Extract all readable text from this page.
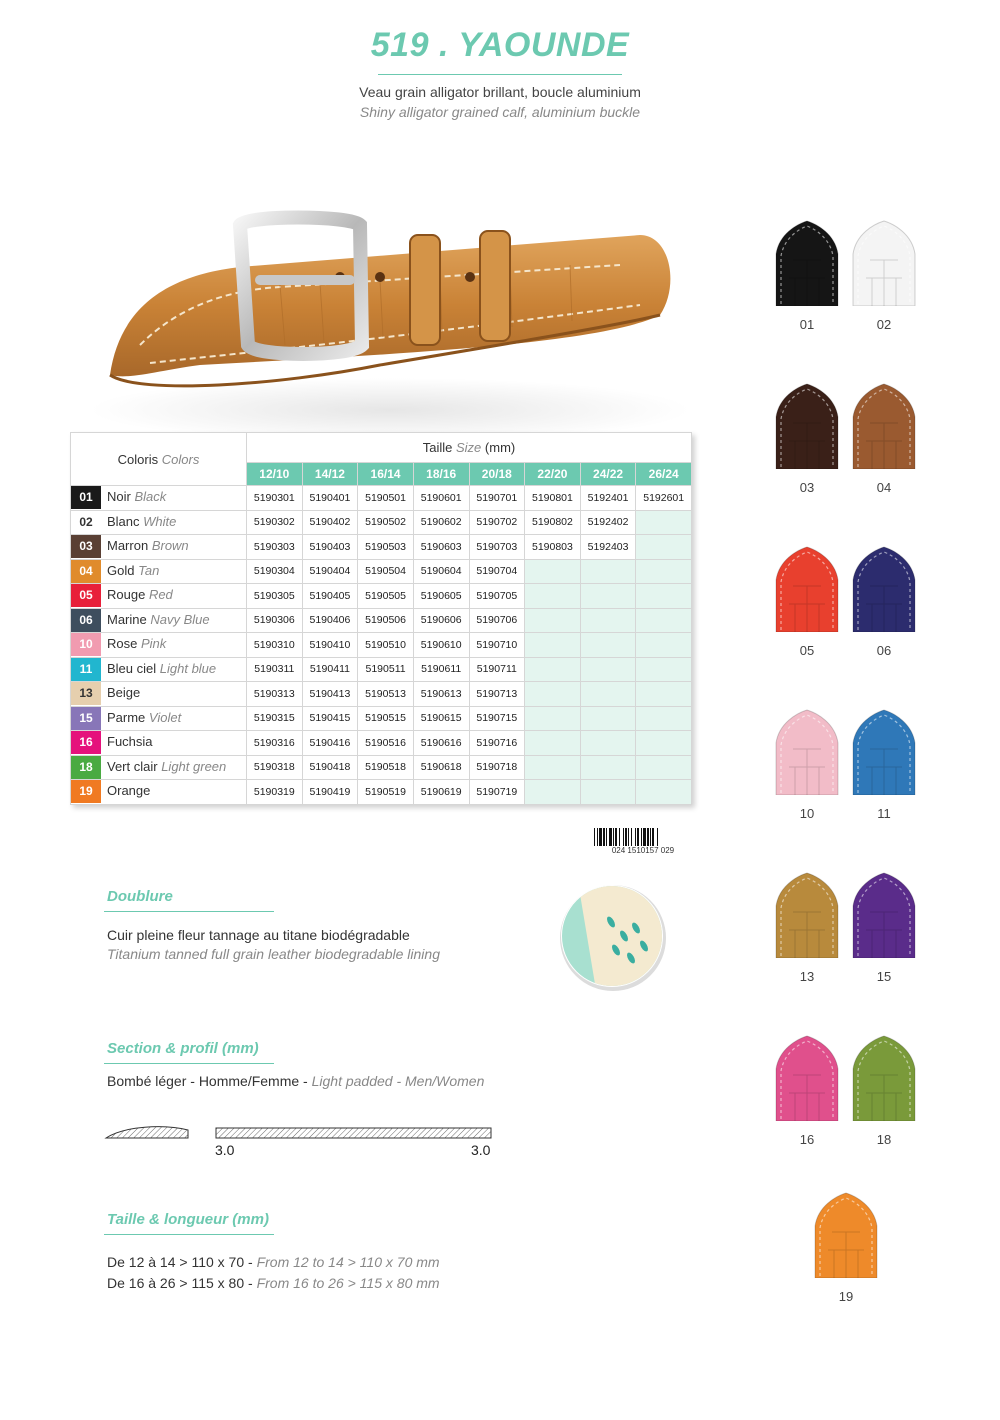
519 . YAOUNDE
Veau grain alligator brillant, boucle aluminium
Shiny alligator grained calf, aluminium buckle
Coloris Colors	Taille Size (mm)							
	12/10	14/12	16/14	18/16	20/18	22/20	24/22	26/24
01 Noir Black	5190301	5190401	5190501	5190601	5190701	5190801	5192401	5192601
02 Blanc White	5190302	5190402	5190502	5190602	5190702	5190802	5192402	
03 Marron Brown	5190303	5190403	5190503	5190603	5190703	5190803	5192403	
04 Gold Tan	5190304	5190404	5190504	5190604	5190704			
05 Rouge Red	5190305	5190405	5190505	5190605	5190705			
06 Marine Navy Blue	5190306	5190406	5190506	5190606	5190706			
10 Rose Pink	5190310	5190410	5190510	5190610	5190710			
11 Bleu ciel Light blue	5190311	5190411	5190511	5190611	5190711			
13 Beige	5190313	5190413	5190513	5190613	5190713			
15 Parme Violet	5190315	5190415	5190515	5190615	5190715			
16 Fuchsia	5190316	5190416	5190516	5190616	5190716			
18 Vert clair Light green	5190318	5190418	5190518	5190618	5190718			
19 Orange	5190319	5190419	5190519	5190619	5190719			
024 1510157 029
Doublure
Cuir pleine fleur tannage au titane biodégradable
Titanium tanned full grain leather biodegradable lining
Section & profil (mm)
Bombé léger - Homme/Femme - Light padded - Men/Women
3.0	3.0
Taille & longueur (mm)
De 12 à 14 > 110 x 70 - From 12 to 14 > 110 x 70 mm
De 16 à 26 > 115 x 80 - From 16 to 26 > 115 x 80 mm
01	02
03	04
05	06
10	11
13	15
16	18
19
